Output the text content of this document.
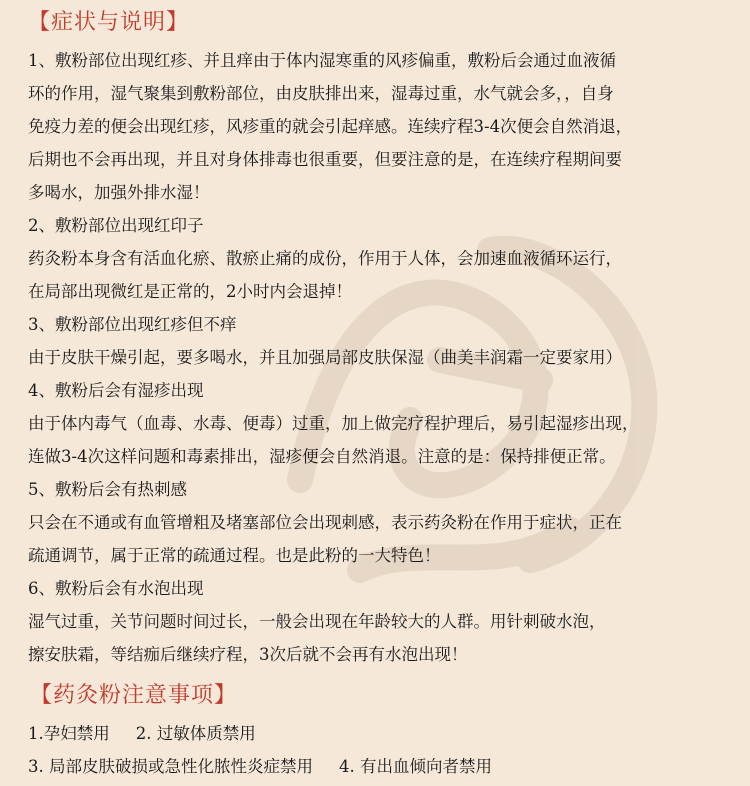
【症状与说明】
1、敷粉部位出现红疹、并且痒由于体内湿寒重的风疹偏重，敷粉后会通过血液循
环的作用，湿气聚集到敷粉部位，由皮肤排出来，湿毒过重，水气就会多，，自身
免疫力差的便会出现红疹，风疹重的就会引起痒感。连续疗程3-4次便会自然消退，
后期也不会再出现，并且对身体排毒也很重要，但要注意的是，在连续疗程期间要
多喝水，加强外排水湿！
2、敷粉部位出现红印子
药灸粉本身含有活血化瘀、散瘀止痛的成份，作用于人体，会加速血液循环运行，
在局部出现微红是正常的，2小时内会退掉！
3、敷粉部位出现红疹但不痒
由于皮肤干燥引起，要多喝水，并且加强局部皮肤保湿（曲美丰润霜一定要家用）
4、敷粉后会有湿疹出现
由于体内毒气（血毒、水毒、便毒）过重，加上做完疗程护理后，易引起湿疹出现，
连做3-4次这样问题和毒素排出，湿疹便会自然消退。注意的是：保持排便正常。
5、敷粉后会有热刺感
只会在不通或有血管增粗及堵塞部位会出现刺感，表示药灸粉在作用于症状，正在
疏通调节，属于正常的疏通过程。也是此粉的一大特色！
6、敷粉后会有水泡出现
湿气过重，关节问题时间过长，一般会出现在年龄较大的人群。用针刺破水泡，
擦安肤霜，等结痂后继续疗程，3次后就不会再有水泡出现！
【药灸粉注意事项】
1.孕妇禁用 2. 过敏体质禁用
3. 局部皮肤破损或急性化脓性炎症禁用 4. 有出血倾向者禁用
